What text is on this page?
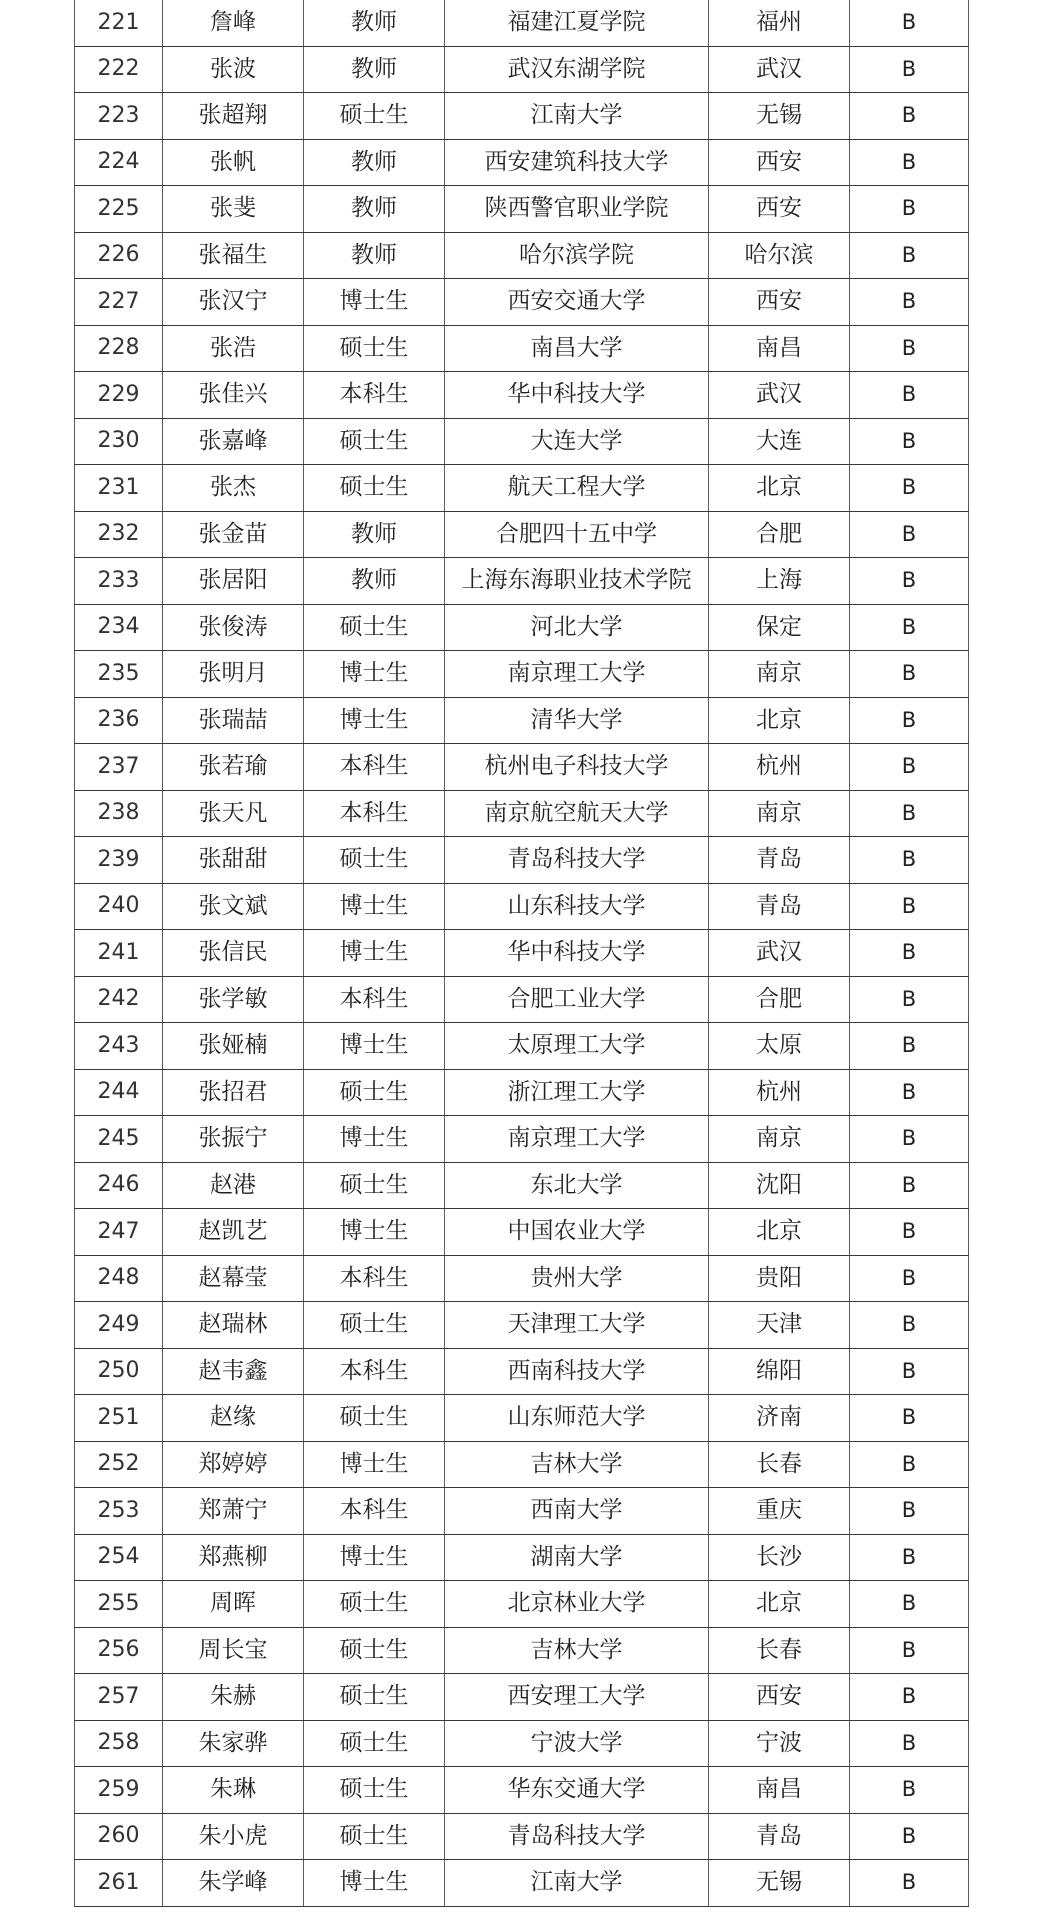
221	詹峰	教师	福建江夏学院	福州	B
222	张波	教师	武汉东湖学院	武汉	B
223	张超翔	硕士生	江南大学	无锡	B
224	张帆	教师	西安建筑科技大学	西安	B
225	张斐	教师	陕西警官职业学院	西安	B
226	张福生	教师	哈尔滨学院	哈尔滨	B
227	张汉宁	博士生	西安交通大学	西安	B
228	张浩	硕士生	南昌大学	南昌	B
229	张佳兴	本科生	华中科技大学	武汉	B
230	张嘉峰	硕士生	大连大学	大连	B
231	张杰	硕士生	航天工程大学	北京	B
232	张金苗	教师	合肥四十五中学	合肥	B
233	张居阳	教师	上海东海职业技术学院	上海	B
234	张俊涛	硕士生	河北大学	保定	B
235	张明月	博士生	南京理工大学	南京	B
236	张瑞喆	博士生	清华大学	北京	B
237	张若瑜	本科生	杭州电子科技大学	杭州	B
238	张天凡	本科生	南京航空航天大学	南京	B
239	张甜甜	硕士生	青岛科技大学	青岛	B
240	张文斌	博士生	山东科技大学	青岛	B
241	张信民	博士生	华中科技大学	武汉	B
242	张学敏	本科生	合肥工业大学	合肥	B
243	张娅楠	博士生	太原理工大学	太原	B
244	张招君	硕士生	浙江理工大学	杭州	B
245	张振宁	博士生	南京理工大学	南京	B
246	赵港	硕士生	东北大学	沈阳	B
247	赵凯艺	博士生	中国农业大学	北京	B
248	赵幕莹	本科生	贵州大学	贵阳	B
249	赵瑞林	硕士生	天津理工大学	天津	B
250	赵韦鑫	本科生	西南科技大学	绵阳	B
251	赵缘	硕士生	山东师范大学	济南	B
252	郑婷婷	博士生	吉林大学	长春	B
253	郑萧宁	本科生	西南大学	重庆	B
254	郑燕柳	博士生	湖南大学	长沙	B
255	周晖	硕士生	北京林业大学	北京	B
256	周长宝	硕士生	吉林大学	长春	B
257	朱赫	硕士生	西安理工大学	西安	B
258	朱家骅	硕士生	宁波大学	宁波	B
259	朱琳	硕士生	华东交通大学	南昌	B
260	朱小虎	硕士生	青岛科技大学	青岛	B
261	朱学峰	博士生	江南大学	无锡	B
